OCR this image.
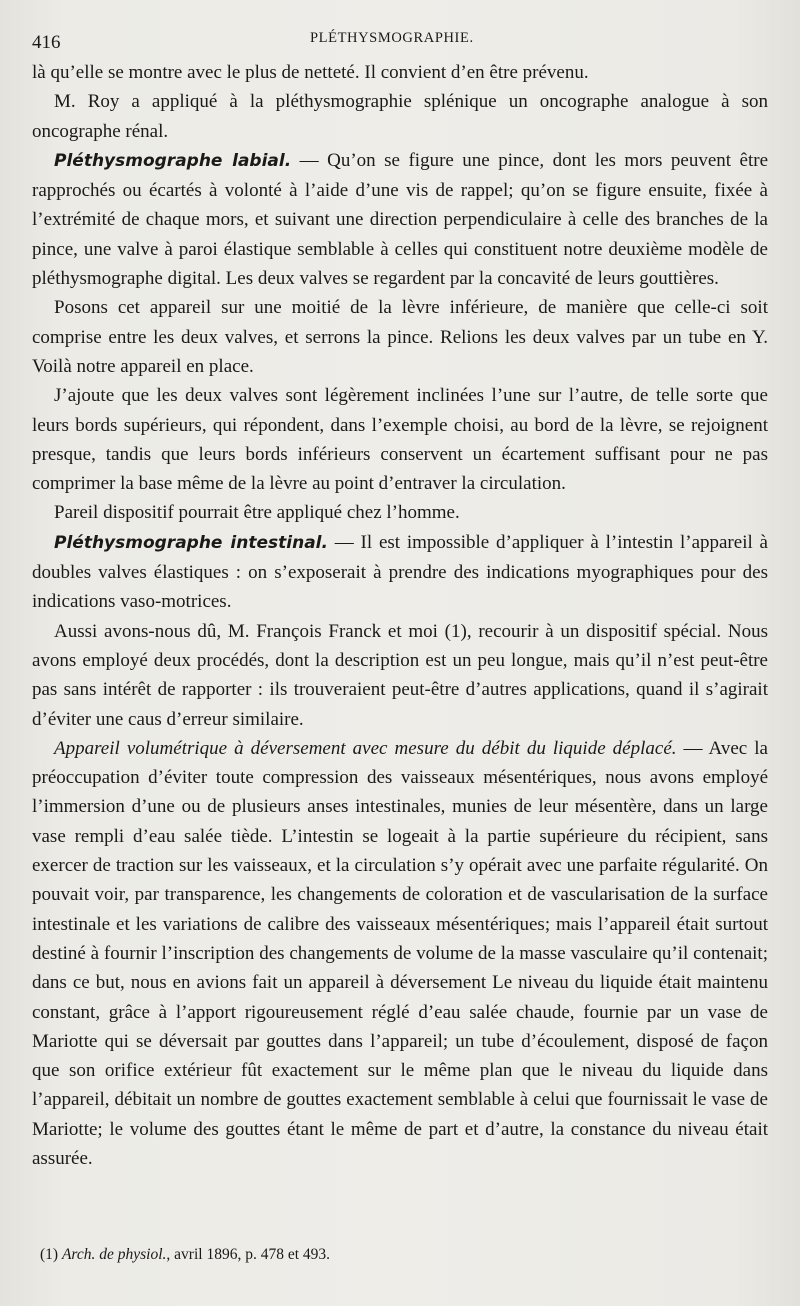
416	PLÉTHYSMOGRAPHIE.

là qu’elle se montre avec le plus de netteté. Il convient d’en être prévenu.

M. Roy a appliqué à la pléthysmographie splénique un oncographe analogue à son oncographe rénal.

Pléthysmographe labial. — Qu’on se figure une pince, dont les mors peuvent être rapprochés ou écartés à volonté à l’aide d’une vis de rappel; qu’on se figure ensuite, fixée à l’extrémité de chaque mors, et suivant une direction perpendiculaire à celle des branches de la pince, une valve à paroi élastique semblable à celles qui constituent notre deuxième modèle de pléthysmographe digital. Les deux valves se regardent par la concavité de leurs gouttières.

Posons cet appareil sur une moitié de la lèvre inférieure, de manière que celle-ci soit comprise entre les deux valves, et serrons la pince. Relions les deux valves par un tube en Y. Voilà notre appareil en place.

J’ajoute que les deux valves sont légèrement inclinées l’une sur l’autre, de telle sorte que leurs bords supérieurs, qui répondent, dans l’exemple choisi, au bord de la lèvre, se rejoignent presque, tandis que leurs bords inférieurs conservent un écartement suffisant pour ne pas comprimer la base même de la lèvre au point d’entraver la circulation.

Pareil dispositif pourrait être appliqué chez l’homme.

Pléthysmographe intestinal. — Il est impossible d’appliquer à l’intestin l’appareil à doubles valves élastiques : on s’exposerait à prendre des indications myographiques pour des indications vaso-motrices.

Aussi avons-nous dû, M. François Franck et moi (1), recourir à un dispositif spécial. Nous avons employé deux procédés, dont la description est un peu longue, mais qu’il n’est peut-être pas sans intérêt de rapporter : ils trouveraient peut-être d’autres applications, quand il s’agirait d’éviter une caus d’erreur similaire.

Appareil volumétrique à déversement avec mesure du débit du liquide déplacé. — Avec la préoccupation d’éviter toute compression des vaisseaux mésentériques, nous avons employé l’immersion d’une ou de plusieurs anses intestinales, munies de leur mésentère, dans un large vase rempli d’eau salée tiède. L’intestin se logeait à la partie supérieure du récipient, sans exercer de traction sur les vaisseaux, et la circulation s’y opérait avec une parfaite régularité. On pouvait voir, par transparence, les changements de coloration et de vascularisation de la surface intestinale et les variations de calibre des vaisseaux mésentériques; mais l’appareil était surtout destiné à fournir l’inscription des changements de volume de la masse vasculaire qu’il contenait; dans ce but, nous en avions fait un appareil à déversement Le niveau du liquide était maintenu constant, grâce à l’apport rigoureusement réglé d’eau salée chaude, fournie par un vase de Mariotte qui se déversait par gouttes dans l’appareil; un tube d’écoulement, disposé de façon que son orifice extérieur fût exactement sur le même plan que le niveau du liquide dans l’appareil, débitait un nombre de gouttes exactement semblable à celui que fournissait le vase de Mariotte; le volume des gouttes étant le même de part et d’autre, la constance du niveau était assurée.

(1) Arch. de physiol., avril 1896, p. 478 et 493.
